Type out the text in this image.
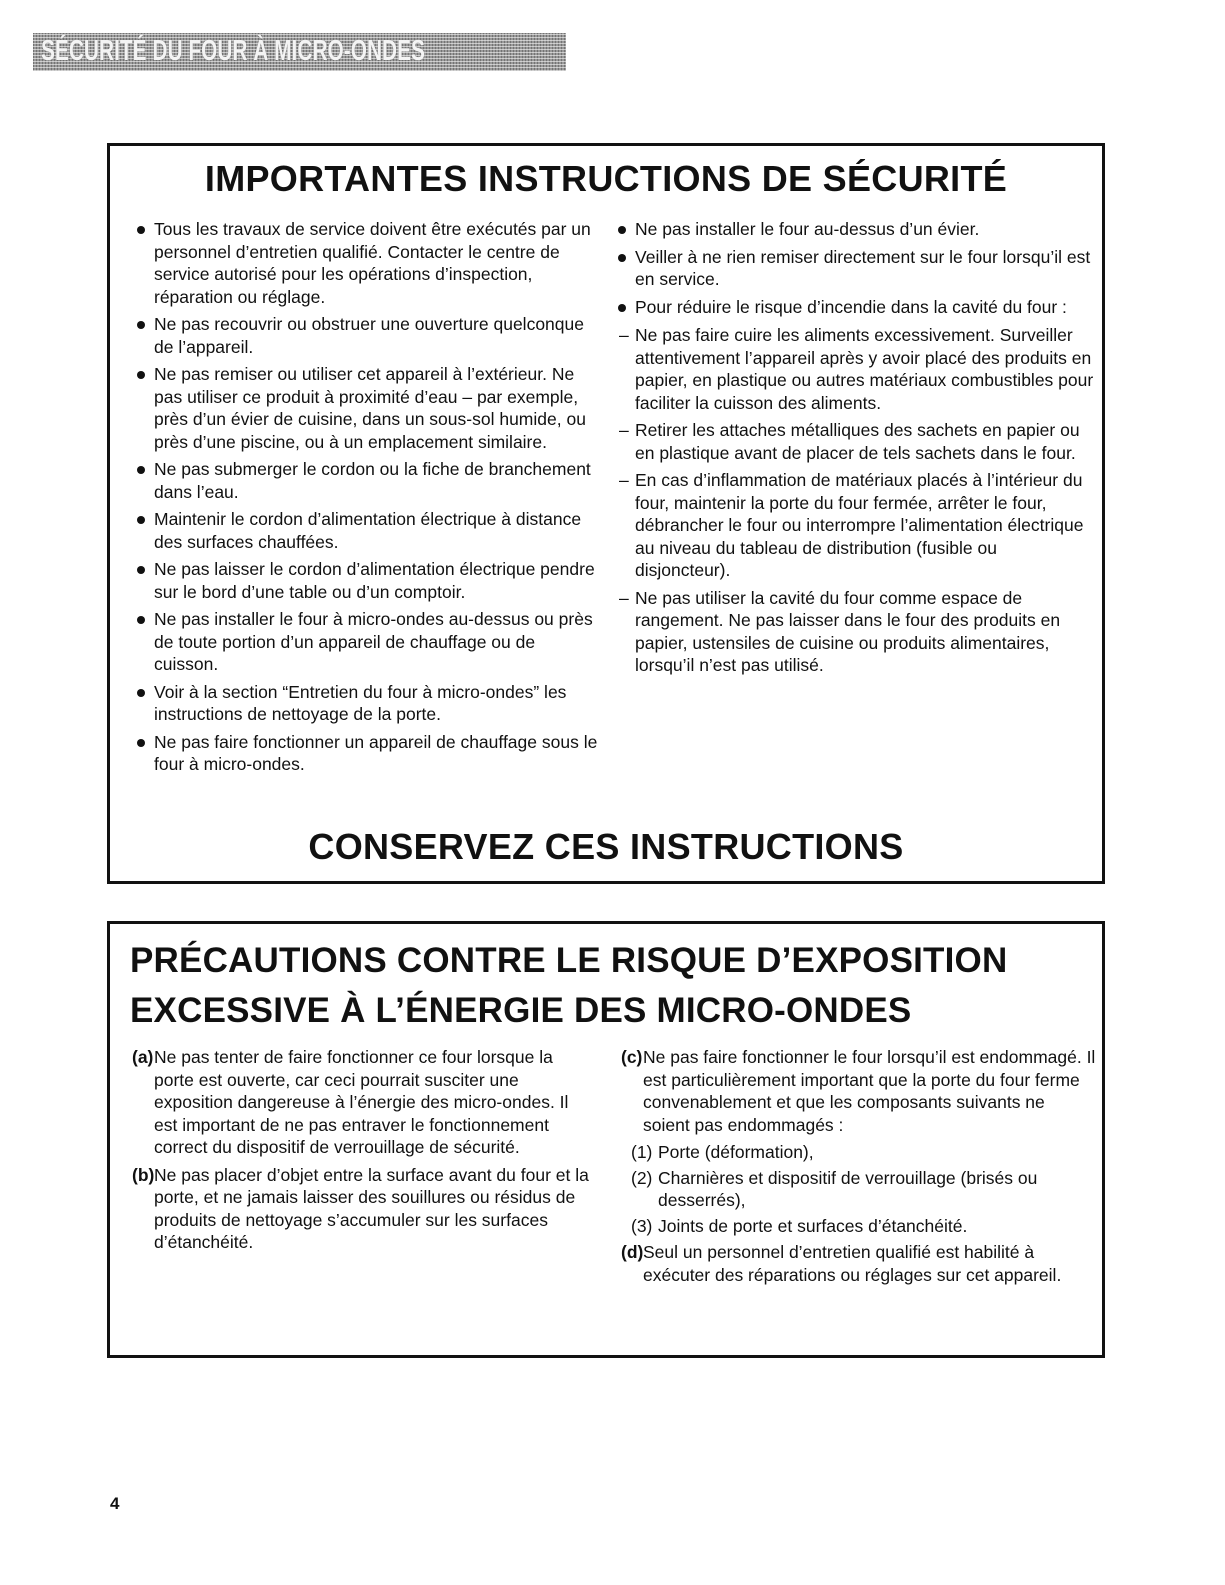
SÉCURITÉ DU FOUR À MICRO-ONDES
IMPORTANTES INSTRUCTIONS DE SÉCURITÉ
Tous les travaux de service doivent être exécutés par un personnel d’entretien qualifié. Contacter le centre de service autorisé pour les opérations d’inspection, réparation ou réglage.
Ne pas recouvrir ou obstruer une ouverture quelconque de l’appareil.
Ne pas remiser ou utiliser cet appareil à l’extérieur. Ne pas utiliser ce produit à proximité d’eau – par exemple, près d’un évier de cuisine, dans un sous-sol humide, ou près d’une piscine, ou à un emplacement similaire.
Ne pas submerger le cordon ou la fiche de branchement dans l’eau.
Maintenir le cordon d’alimentation électrique à distance des surfaces chauffées.
Ne pas laisser le cordon d’alimentation électrique pendre sur le bord d’une table ou d’un comptoir.
Ne pas installer le four à micro-ondes au-dessus ou près de toute portion d’un appareil de chauffage ou de cuisson.
Voir à la section “Entretien du four à micro-ondes” les instructions de nettoyage de la porte.
Ne pas faire fonctionner un appareil de chauffage sous le four à micro-ondes.
Ne pas installer le four au-dessus d’un évier.
Veiller à ne rien remiser directement sur le four lorsqu’il est en service.
Pour réduire le risque d’incendie dans la cavité du four :
– Ne pas faire cuire les aliments excessivement. Surveiller attentivement l’appareil après y avoir placé des produits en papier, en plastique ou autres matériaux combustibles pour faciliter la cuisson des aliments.
– Retirer les attaches métalliques des sachets en papier ou en plastique avant de placer de tels sachets dans le four.
– En cas d’inflammation de matériaux placés à l’intérieur du four, maintenir la porte du four fermée, arrêter le four, débrancher le four ou interrompre l’alimentation électrique au niveau du tableau de distribution (fusible ou disjoncteur).
– Ne pas utiliser la cavité du four comme espace de rangement. Ne pas laisser dans le four des produits en papier, ustensiles de cuisine ou produits alimentaires, lorsqu’il n’est pas utilisé.
CONSERVEZ CES INSTRUCTIONS
PRÉCAUTIONS CONTRE LE RISQUE D’EXPOSITION
EXCESSIVE À L’ÉNERGIE DES MICRO-ONDES

(a) Ne pas tenter de faire fonctionner ce four lorsque la porte est ouverte, car ceci pourrait susciter une exposition dangereuse à l’énergie des micro-ondes. Il est important de ne pas entraver le fonctionnement correct du dispositif de verrouillage de sécurité.

(b) Ne pas placer d’objet entre la surface avant du four et la porte, et ne jamais laisser des souillures ou résidus de produits de nettoyage s’accumuler sur les surfaces d’étanchéité.

(c) Ne pas faire fonctionner le four lorsqu’il est endommagé. Il est particulièrement important que la porte du four ferme convenablement et que les composants suivants ne soient pas endommagés :

(1) Porte (déformation),
(2) Charnières et dispositif de verrouillage (brisés ou desserrés),
(3) Joints de porte et surfaces d’étanchéité.

(d) Seul un personnel d’entretien qualifié est habilité à exécuter des réparations ou réglages sur cet appareil.

4
